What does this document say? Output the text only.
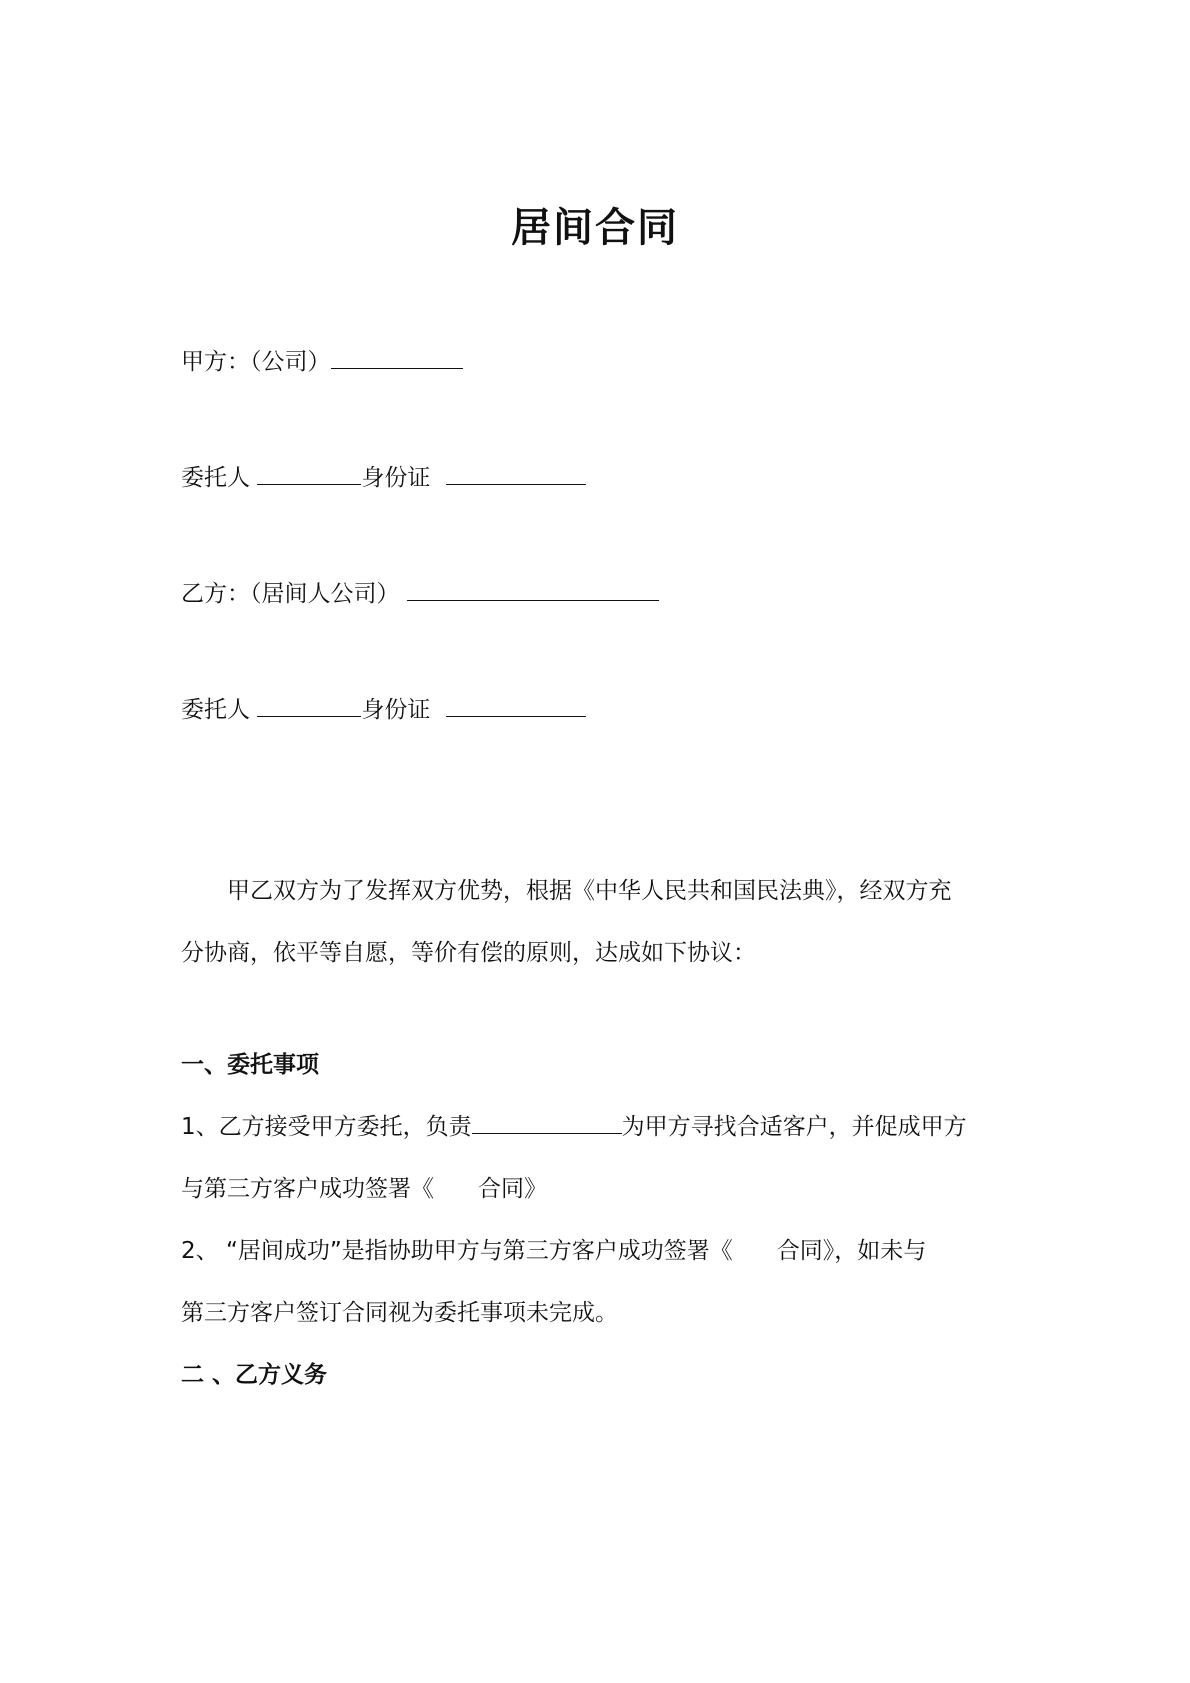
居间合同
甲方：（公司）
委托人	身份证
乙方：（居间人公司）
委托人	身份证
甲乙双方为了发挥双方优势，根据《中华人民共和国民法典》，经双方充
分协商，依平等自愿，等价有偿的原则，达成如下协议：
一、委托事项
1、乙方接受甲方委托，负责	为甲方寻找合适客户，并促成甲方
与第三方客户成功签署《 合同》
2、 “居间成功”是指协助甲方与第三方客户成功签署《 合同》，如未与
第三方客户签订合同视为委托事项未完成。
二 、乙方义务
